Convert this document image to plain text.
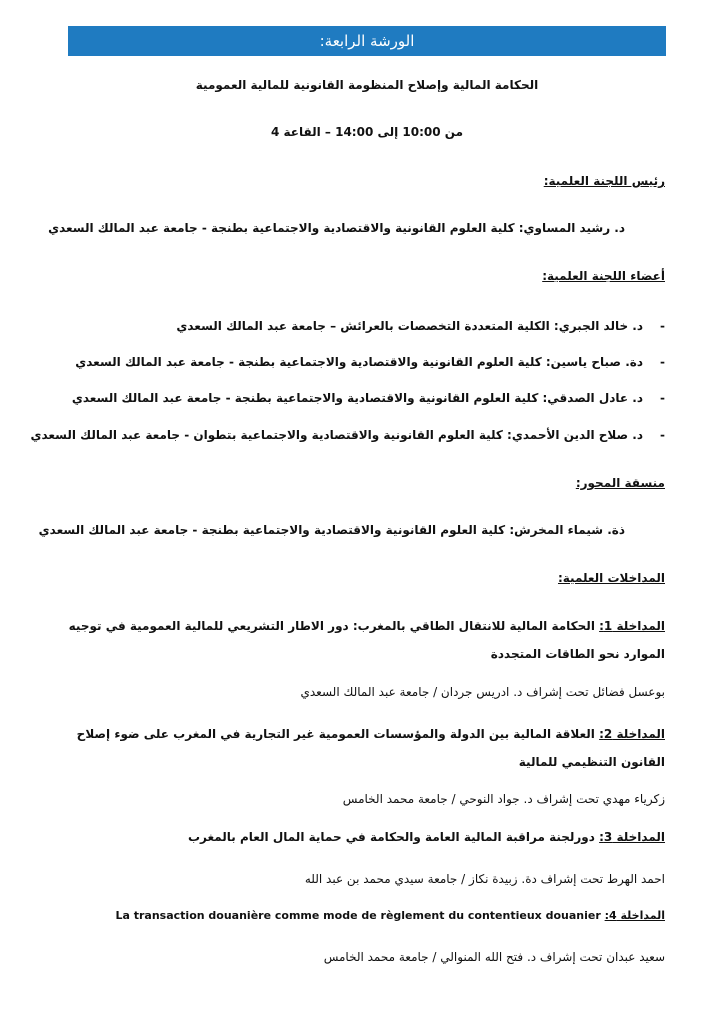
الورشة الرابعة:
الحكامة المالية وإصلاح المنظومة القانونية للمالية العمومية
من 10:00 إلى 14:00 – القاعة 4
رئيس اللجنة العلمية:
د. رشيد المساوي: كلية العلوم القانونية والاقتصادية والاجتماعية بطنجة - جامعة عبد المالك السعدي
أعضاء اللجنة العلمية:
-
د. خالد الجبري: الكلية المتعددة التخصصات بالعرائش – جامعة عبد المالك السعدي
-
دة. صباح ياسين: كلية العلوم القانونية والاقتصادية والاجتماعية بطنجة - جامعة عبد المالك السعدي
-
د. عادل الصدقي: كلية العلوم القانونية والاقتصادية والاجتماعية بطنجة - جامعة عبد المالك السعدي
-
د. صلاح الدين الأحمدي: كلية العلوم القانونية والاقتصادية والاجتماعية بتطوان - جامعة عبد المالك السعدي
منسقة المحور:
ذة. شيماء المخرش: كلية العلوم القانونية والاقتصادية والاجتماعية بطنجة - جامعة عبد المالك السعدي
المداخلات العلمية:
المداخلة 1: الحكامة المالية للانتقال الطاقي بالمغرب: دور الاطار التشريعي للمالية العمومية في توجيه الموارد نحو الطاقات المتجددة
بوعسل فضائل تحت إشراف د. ادريس جردان / جامعة عبد المالك السعدي
المداخلة 2: العلاقة المالية بين الدولة والمؤسسات العمومية غير التجارية في المغرب على ضوء إصلاح القانون التنظيمي للمالية
زكرياء مهدي تحت إشراف د. جواد النوحي / جامعة محمد الخامس
المداخلة 3: دورلجنة مراقبة المالية العامة والحكامة في حماية المال العام بالمغرب
احمد الهرط تحت إشراف دة. زبيدة نكاز / جامعة سيدي محمد بن عبد الله
المداخلة 4: La transaction douanière comme mode de règlement du contentieux douanier
سعيد عبدان تحت إشراف د. فتح الله المنوالي / جامعة محمد الخامس
